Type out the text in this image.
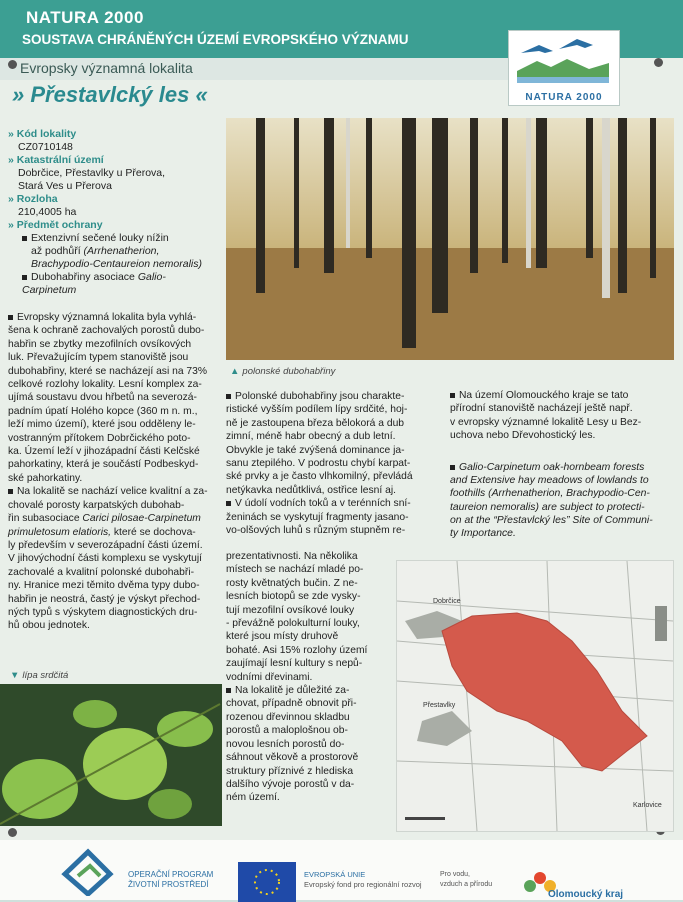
NATURA 2000
SOUSTAVA CHRÁNĚNÝCH ÚZEMÍ EVROPSKÉHO VÝZNAMU
Evropsky významná lokalita
» Přestavlcký les «	NATURA 2000
» Kód lokality
CZ0710148
» Katastrální území
Dobrčice, Přestavlky u Přerova,
Stará Ves u Přerova
» Rozloha
210,4005 ha
» Předmět ochrany
Extenzivní sečené louky nížin
až podhůří (Arrhenatherion,
Brachypodio-Centaureion nemoralis)
Dubohabřiny asociace Galio-Carpinetum
Evropsky významná lokalita byla vyhlá-
šena k ochraně zachovalých porostů dubo-
habřin se zbytky mezofilních ovsíkových
luk. Převažujícím typem stanoviště jsou
dubohabřiny, které se nacházejí asi na 73%
celkové rozlohy lokality. Lesní komplex za-
ujímá soustavu dvou hřbetů na severozá-
padním úpatí Holého kopce (360 m n. m.,
leží mimo území), které jsou odděleny le-
vostranným přítokem Dobrčického poto-
ka. Území leží v jihozápadní části Kelčské
pahorkatiny, která je součástí Podbeskyd-
ské pahorkatiny.
Na lokalitě se nachází velice kvalitní a za-
chovalé porosty karpatských dubohab-
řin subasociace Carici pilosae-Carpinetum
primuletosum elatioris, které se dochova-
ly především v severozápadní části území.
V jihovýchodní části komplexu se vyskytují
zachovalé a kvalitní polonské dubohabři-
ny. Hranice mezi těmito dvěma typy dubo-
habřin je neostrá, častý je výskyt přechod-
ných typů s výskytem diagnostických dru-
hů obou jednotek.
▲ polonské dubohabřiny
Polonské dubohabřiny jsou charakte-
ristické vyšším podílem lípy srdčité, hoj-
ně je zastoupena březa bělokorá a dub
zimní, méně habr obecný a dub letní.
Obvykle je také zvýšená dominance ja-
sanu ztepilého. V podrostu chybí karpat-
ské prvky a je často vlhkomilný, převládá
netýkavka nedůtklivá, ostřice lesní aj.
V údolí vodních toků a v terénních sní-
ženinách se vyskytují fragmenty jasano-
vo-olšových luhů s různým stupněm re-
prezentativnosti. Na několika
místech se nachází mladé po-
rosty květnatých bučin. Z ne-
lesních biotopů se zde vysky-
tují mezofilní ovsíkové louky
- převážně polokulturní louky,
které jsou místy druhově
bohaté. Asi 15% rozlohy území
zaujímají lesní kultury s nepů-
vodními dřevinami.
Na lokalitě je důležité za-
chovat, případně obnovit při-
rozenou dřevinnou skladbu
porostů a maloplošnou ob-
novou lesních porostů do-
sáhnout věkově a prostorově
struktury příznivé z hlediska
dalšího vývoje porostů v da-
ném území.
Na území Olomouckého kraje se tato
přírodní stanoviště nacházejí ještě např.
v evropsky významné lokalitě Lesy u Bez-
uchova nebo Dřevohostický les.
Galio-Carpinetum oak-hornbeam forests
and Extensive hay meadows of lowlands to
foothills (Arrhenatherion, Brachypodio-Cen-
taureion nemoralis) are subject to protecti-
on at the “Přestavlcký les” Site of Communi-
ty Importance.
▼ lípa srdčitá
Dobrčice
Přestavlky
Karlovice
OPERAČNÍ PROGRAM
ŽIVOTNÍ PROSTŘEDÍ
EVROPSKÁ UNIE
Evropský fond pro regionální rozvoj
Pro vodu,
vzduch a přírodu
Olomoucký kraj
